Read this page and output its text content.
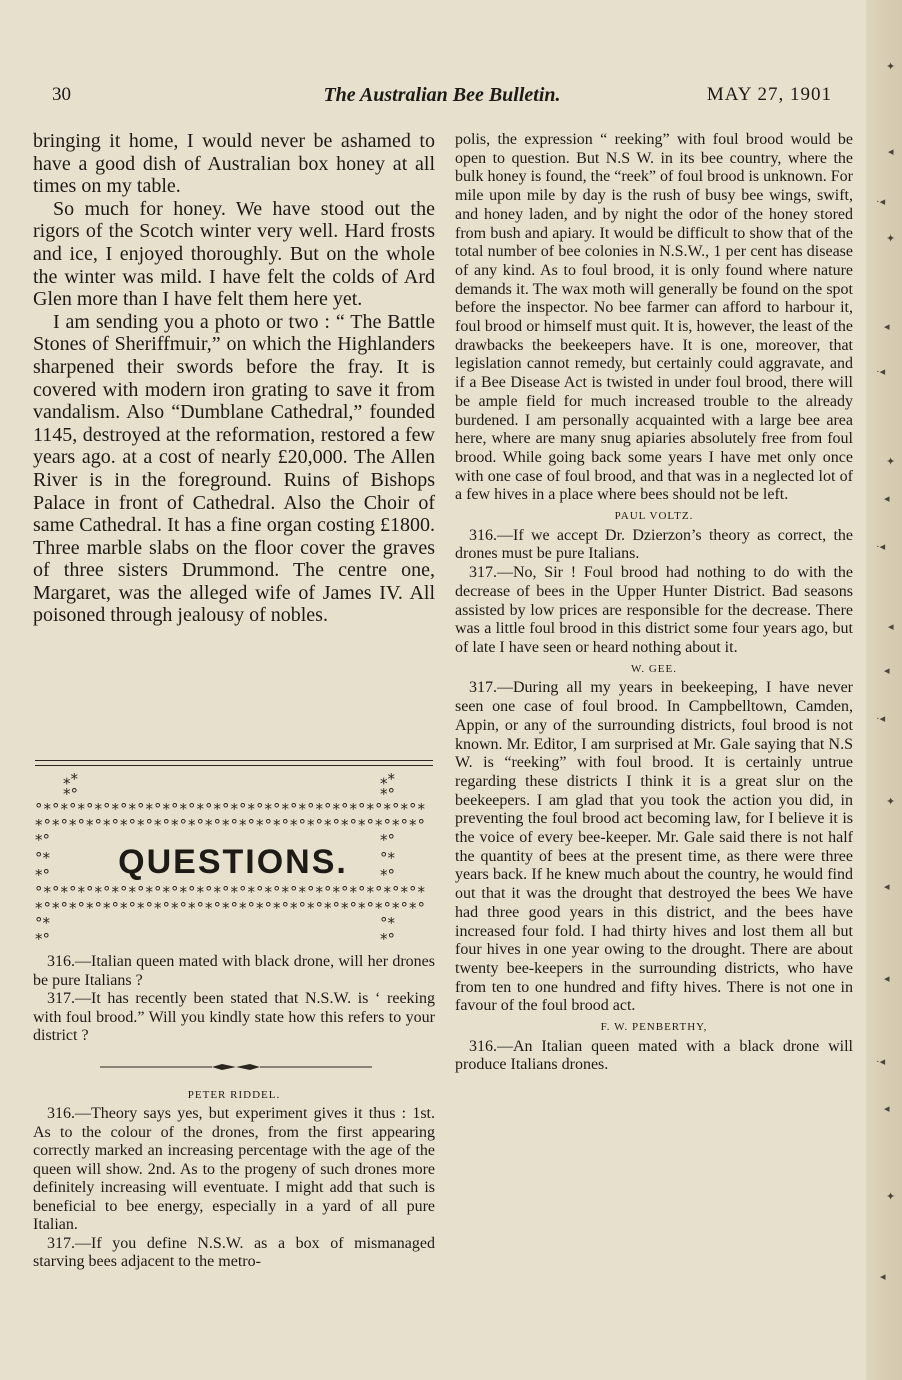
✦
◂
·◂
✦
◂
·◂
✦
◂
·◂
◂
◂
·◂
✦
◂
◂
·◂
◂
✦
◂
30	The Australian Bee Bulletin.	MAY 27, 1901

bringing it home, I would never be ashamed to have a good dish of Australian box honey at all times on my table.

So much for honey. We have stood out the rigors of the Scotch winter very well. Hard frosts and ice, I enjoyed thoroughly. But on the whole the winter was mild. I have felt the colds of Ard Glen more than I have felt them here yet.

I am sending you a photo or two : “ The Battle Stones of Sheriffmuir,” on which the Highlanders sharpened their swords before the fray. It is covered with modern iron grating to save it from vandalism. Also “Dumblane Cathedral,” founded 1145, destroyed at the reformation, restored a few years ago. at a cost of nearly £20,000. The Allen River is in the foreground. Ruins of Bishops Palace in front of Cathedral. Also the Choir of same Cathedral. It has a fine organ costing £1800. Three marble slabs on the floor cover the graves of three sisters Drummond. The centre one, Margaret, was the alleged wife of James IV. All poisoned through jealousy of nobles.

⁎*	⁎*
*°	*°
°*°*°*°*°*°*°*°*°*°*°*°*°*°*°*°*°*°*°*°*°*°*°*
*°*°*°*°*°*°*°*°*°*°*°*°*°*°*°*°*°*°*°*°*°*°*°
*°	*°
°*	°*
*°	*°
°*°*°*°*°*°*°*°*°*°*°*°*°*°*°*°*°*°*°*°*°*°*°*
*°*°*°*°*°*°*°*°*°*°*°*°*°*°*°*°*°*°*°*°*°*°*°
°*	°*
*°	*°
QUESTIONS.

316.—Italian queen mated with black drone, will her drones be pure Italians ?

317.—It has recently been stated that N.S.W. is ‘ reeking with foul brood.” Will you kindly state how this refers to your district ?

PETER RIDDEL.

316.—Theory says yes, but experiment gives it thus : 1st. As to the colour of the drones, from the first appearing correctly marked an increasing percentage with the age of the queen will show. 2nd. As to the progeny of such drones more definitely increasing will eventuate. I might add that such is beneficial to bee energy, especially in a yard of all pure Italian.

317.—If you define N.S.W. as a box of mismanaged starving bees adjacent to the metro-

polis, the expression “ reeking” with foul brood would be open to question. But N.S W. in its bee country, where the bulk honey is found, the “reek” of foul brood is unknown. For mile upon mile by day is the rush of busy bee wings, swift, and honey laden, and by night the odor of the honey stored from bush and apiary. It would be difficult to show that of the total number of bee colonies in N.S.W., 1 per cent has disease of any kind. As to foul brood, it is only found where nature demands it. The wax moth will generally be found on the spot before the inspector. No bee farmer can afford to harbour it, foul brood or himself must quit. It is, however, the least of the drawbacks the beekeepers have. It is one, moreover, that legislation cannot remedy, but certainly could aggravate, and if a Bee Disease Act is twisted in under foul brood, there will be ample field for much increased trouble to the already burdened. I am personally acquainted with a large bee area here, where are many snug apiaries absolutely free from foul brood. While going back some years I have met only once with one case of foul brood, and that was in a neglected lot of a few hives in a place where bees should not be left.

PAUL VOLTZ.

316.—If we accept Dr. Dzierzon’s theory as correct, the drones must be pure Italians.

317.—No, Sir ! Foul brood had nothing to do with the decrease of bees in the Upper Hunter District. Bad seasons assisted by low prices are responsible for the decrease. There was a little foul brood in this district some four years ago, but of late I have seen or heard nothing about it.

W. GEE.

317.—During all my years in beekeeping, I have never seen one case of foul brood. In Campbelltown, Camden, Appin, or any of the surrounding districts, foul brood is not known. Mr. Editor, I am surprised at Mr. Gale saying that N.S W. is “reeking” with foul brood. It is certainly untrue regarding these districts I think it is a great slur on the beekeepers. I am glad that you took the action you did, in preventing the foul brood act becoming law, for I believe it is the voice of every bee-keeper. Mr. Gale said there is not half the quantity of bees at the present time, as there were three years back. If he knew much about the country, he would find out that it was the drought that destroyed the bees We have had three good years in this district, and the bees have increased four fold. I had thirty hives and lost them all but four hives in one year owing to the drought. There are about twenty bee-keepers in the surrounding districts, who have from ten to one hundred and fifty hives. There is not one in favour of the foul brood act.

F. W. PENBERTHY,

316.—An Italian queen mated with a black drone will produce Italians drones.
